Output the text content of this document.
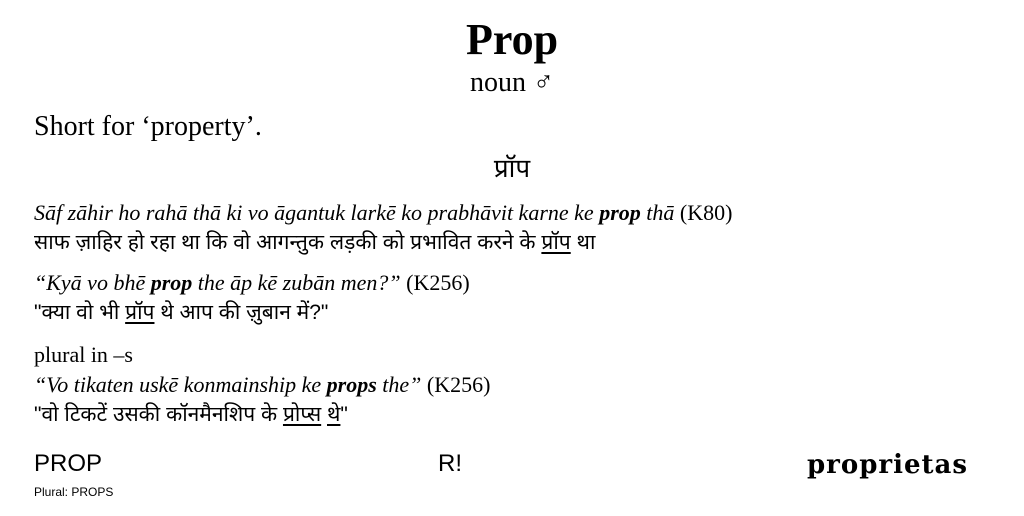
Prop
noun ♂
Short for ‘property’.
प्रॉप
Sāf zāhir ho rahā thā ki vo āgantuk larkē ko prabhāvit karne ke prop thā (K80)
साफ ज़ाहिर हो रहा था कि वो आगन्तुक लड़की को प्रभावित करने के प्रॉप था
“Kyā vo bhē prop the āp kē zubān men?” (K256)
"क्या वो भी प्रॉप थे आप की ज़ुबान में?"
plural in –s
“Vo tikaten uskē konmainship ke props the” (K256)
"वो टिकटें उसकी कॉनमैनशिप के प्रोप्स थे"
PROP
Plural: PROPS
R!	proprietas
